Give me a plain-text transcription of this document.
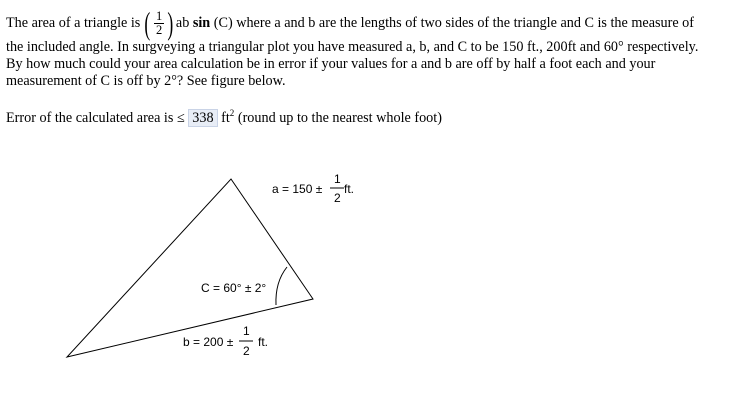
The area of a triangle is ( $\frac{1}{2}$ ) ab
sin (C) where a and b are the lengths of two sides of the triangle and C is the measure of
the included angle. In surgveying a triangular plot you have measured a, b, and C to be 150 ft., 200ft and 60° respectively.
By how much could your area calculation be in error if your values for a and b are off by half a foot each and your
measurement of C is off by 2°? See figure below.
Error of the calculated area is ≤ 338 $ft^2$ (round up to the nearest whole foot)
a = 150 ±
1
2
ft.
C = 60° ± 2°
b = 200 ±
1
2
ft.
